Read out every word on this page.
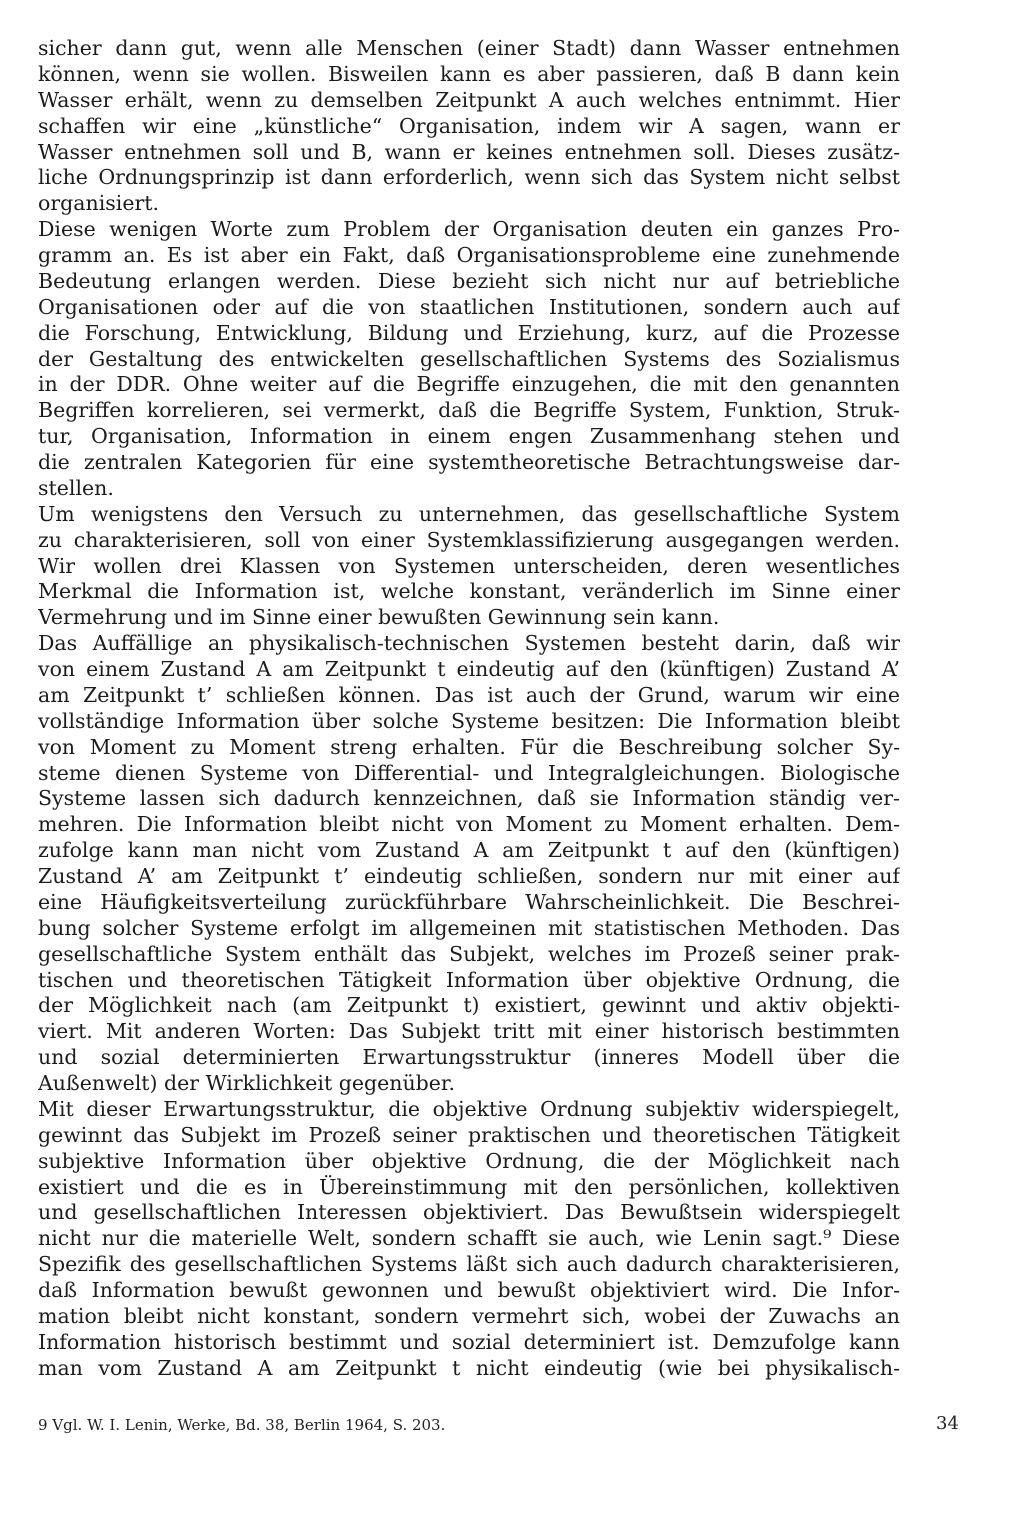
sicher dann gut, wenn alle Menschen (einer Stadt) dann Wasser entnehmen
können, wenn sie wollen. Bisweilen kann es aber passieren, daß B dann kein
Wasser erhält, wenn zu demselben Zeitpunkt A auch welches entnimmt. Hier
schaffen wir eine „künstliche“ Organisation, indem wir A sagen, wann er
Wasser entnehmen soll und B, wann er keines entnehmen soll. Dieses zusätz-
liche Ordnungsprinzip ist dann erforderlich, wenn sich das System nicht selbst
organisiert.
Diese wenigen Worte zum Problem der Organisation deuten ein ganzes Pro-
gramm an. Es ist aber ein Fakt, daß Organisationsprobleme eine zunehmende
Bedeutung erlangen werden. Diese bezieht sich nicht nur auf betriebliche
Organisationen oder auf die von staatlichen Institutionen, sondern auch auf
die Forschung, Entwicklung, Bildung und Erziehung, kurz, auf die Prozesse
der Gestaltung des entwickelten gesellschaftlichen Systems des Sozialismus
in der DDR. Ohne weiter auf die Begriffe einzugehen, die mit den genannten
Begriffen korrelieren, sei vermerkt, daß die Begriffe System, Funktion, Struk-
tur, Organisation, Information in einem engen Zusammenhang stehen und
die zentralen Kategorien für eine systemtheoretische Betrachtungsweise dar-
stellen.
Um wenigstens den Versuch zu unternehmen, das gesellschaftliche System
zu charakterisieren, soll von einer Systemklassifizierung ausgegangen werden.
Wir wollen drei Klassen von Systemen unterscheiden, deren wesentliches
Merkmal die Information ist, welche konstant, veränderlich im Sinne einer
Vermehrung und im Sinne einer bewußten Gewinnung sein kann.
Das Auffällige an physikalisch-technischen Systemen besteht darin, daß wir
von einem Zustand A am Zeitpunkt t eindeutig auf den (künftigen) Zustand A’
am Zeitpunkt t’ schließen können. Das ist auch der Grund, warum wir eine
vollständige Information über solche Systeme besitzen: Die Information bleibt
von Moment zu Moment streng erhalten. Für die Beschreibung solcher Sy-
steme dienen Systeme von Differential- und Integralgleichungen. Biologische
Systeme lassen sich dadurch kennzeichnen, daß sie Information ständig ver-
mehren. Die Information bleibt nicht von Moment zu Moment erhalten. Dem-
zufolge kann man nicht vom Zustand A am Zeitpunkt t auf den (künftigen)
Zustand A’ am Zeitpunkt t’ eindeutig schließen, sondern nur mit einer auf
eine Häufigkeitsverteilung zurückführbare Wahrscheinlichkeit. Die Beschrei-
bung solcher Systeme erfolgt im allgemeinen mit statistischen Methoden. Das
gesellschaftliche System enthält das Subjekt, welches im Prozeß seiner prak-
tischen und theoretischen Tätigkeit Information über objektive Ordnung, die
der Möglichkeit nach (am Zeitpunkt t) existiert, gewinnt und aktiv objekti-
viert. Mit anderen Worten: Das Subjekt tritt mit einer historisch bestimmten
und sozial determinierten Erwartungsstruktur (inneres Modell über die
Außenwelt) der Wirklichkeit gegenüber.
Mit dieser Erwartungsstruktur, die objektive Ordnung subjektiv widerspiegelt,
gewinnt das Subjekt im Prozeß seiner praktischen und theoretischen Tätigkeit
subjektive Information über objektive Ordnung, die der Möglichkeit nach
existiert und die es in Übereinstimmung mit den persönlichen, kollektiven
und gesellschaftlichen Interessen objektiviert. Das Bewußtsein widerspiegelt
nicht nur die materielle Welt, sondern schafft sie auch, wie Lenin sagt.⁹ Diese
Spezifik des gesellschaftlichen Systems läßt sich auch dadurch charakterisieren,
daß Information bewußt gewonnen und bewußt objektiviert wird. Die Infor-
mation bleibt nicht konstant, sondern vermehrt sich, wobei der Zuwachs an
Information historisch bestimmt und sozial determiniert ist. Demzufolge kann
man vom Zustand A am Zeitpunkt t nicht eindeutig (wie bei physikalisch-
9 Vgl. W. I. Lenin, Werke, Bd. 38, Berlin 1964, S. 203.	34
